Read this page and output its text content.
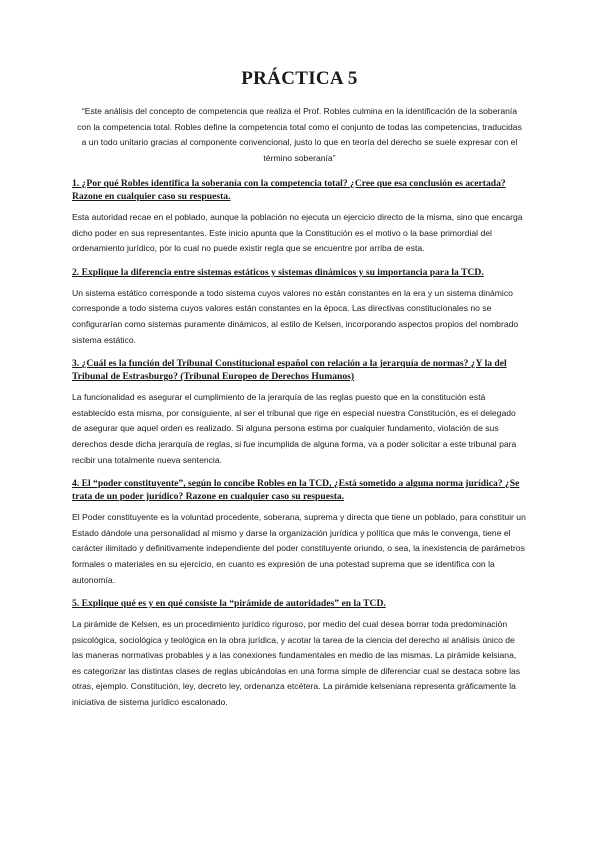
PRÁCTICA 5

“Este análisis del concepto de competencia que realiza el Prof. Robles culmina en la identificación de la soberanía con la competencia total. Robles define la competencia total como el conjunto de todas las competencias, traducidas a un todo unitario gracias al componente convencional, justo lo que en teoría del derecho se suele expresar con el término soberanía”

1. ¿Por qué Robles identifica la soberanía con la competencia total? ¿Cree que esa conclusión es acertada? Razone en cualquier caso su respuesta.

Esta autoridad recae en el poblado, aunque la población no ejecuta un ejercicio directo de la misma, sino que encarga dicho poder en sus representantes. Este inicio apunta que la Constitución es el motivo o la base primordial del ordenamiento jurídico, por lo cual no puede existir regla que se encuentre por arriba de esta.

2. Explique la diferencia entre sistemas estáticos y sistemas dinámicos y su importancia para la TCD.

Un sistema estático corresponde a todo sistema cuyos valores no están constantes en la era y un sistema dinámico corresponde a todo sistema cuyos valores están constantes en la época. Las directivas constitucionales no se configurarían como sistemas puramente dinámicos, al estilo de Kelsen, incorporando aspectos propios del nombrado sistema estático.

3. ¿Cuál es la función del Tribunal Constitucional español con relación a la jerarquía de normas? ¿Y la del Tribunal de Estrasburgo? (Tribunal Europeo de Derechos Humanos)

La funcionalidad es asegurar el cumplimiento de la jerarquía de las reglas puesto que en la constitución está establecido esta misma, por consiguiente, al ser el tribunal que rige en especial nuestra Constitución, es el delegado de asegurar que aquel orden es realizado. Si alguna persona estima por cualquier fundamento, violación de sus derechos desde dicha jerarquía de reglas, si fue incumplida de alguna forma, va a poder solicitar a este tribunal para recibir una totalmente nueva sentencia.

4. El “poder constituyente”, según lo concibe Robles en la TCD, ¿Está sometido a alguna norma jurídica? ¿Se trata de un poder jurídico? Razone en cualquier caso su respuesta.

El Poder constituyente es la voluntad procedente, soberana, suprema y directa que tiene un poblado, para constituir un Estado dándole una personalidad al mismo y darse la organización jurídica y política que más le convenga, tiene el carácter ilimitado y definitivamente independiente del poder constituyente oriundo, o sea, la inexistencia de parámetros formales o materiales en su ejercicio, en cuanto es expresión de una potestad suprema que se identifica con la autonomía.

5. Explique qué es y en qué consiste la “pirámide de autoridades” en la TCD.

La pirámide de Kelsen, es un procedimiento jurídico riguroso, por medio del cual desea borrar toda predominación psicológica, sociológica y teológica en la obra jurídica, y acotar la tarea de la ciencia del derecho al análisis único de las maneras normativas probables y a las conexiones fundamentales en medio de las mismas. La pirámide kelsiana, es categorizar las distintas clases de reglas ubicándolas en una forma simple de diferenciar cual se destaca sobre las otras, ejemplo. Constitución, ley, decreto ley, ordenanza etcétera. La pirámide kelseniana representa gráficamente la iniciativa de sistema jurídico escalonado.
